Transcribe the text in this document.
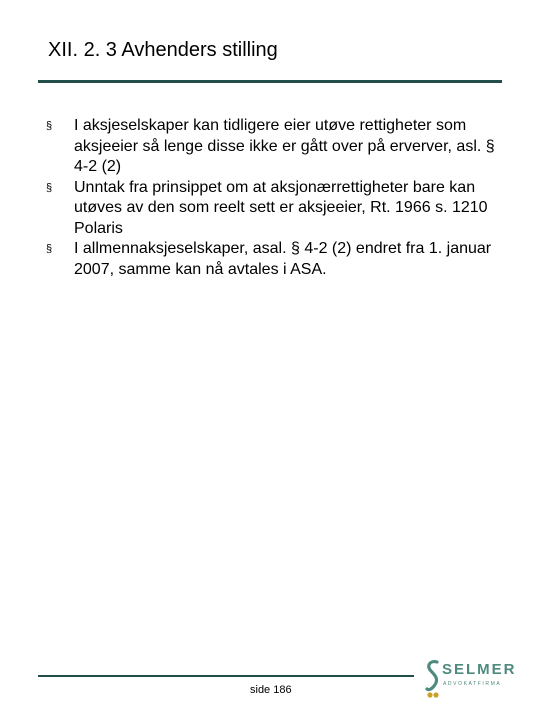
XII. 2. 3 Avhenders stilling
§ I aksjeselskaper kan tidligere eier utøve rettigheter som aksjeeier så lenge disse ikke er gått over på erverver, asl. § 4-2 (2)
§ Unntak fra prinsippet om at aksjonærrettigheter bare kan utøves av den som reelt sett er aksjeeier, Rt. 1966 s. 1210 Polaris
§ I allmennaksjeselskaper, asal. § 4-2 (2) endret fra 1. januar 2007, samme kan nå avtales i ASA.
side 186
SELMER
ADVOKATFIRMA
